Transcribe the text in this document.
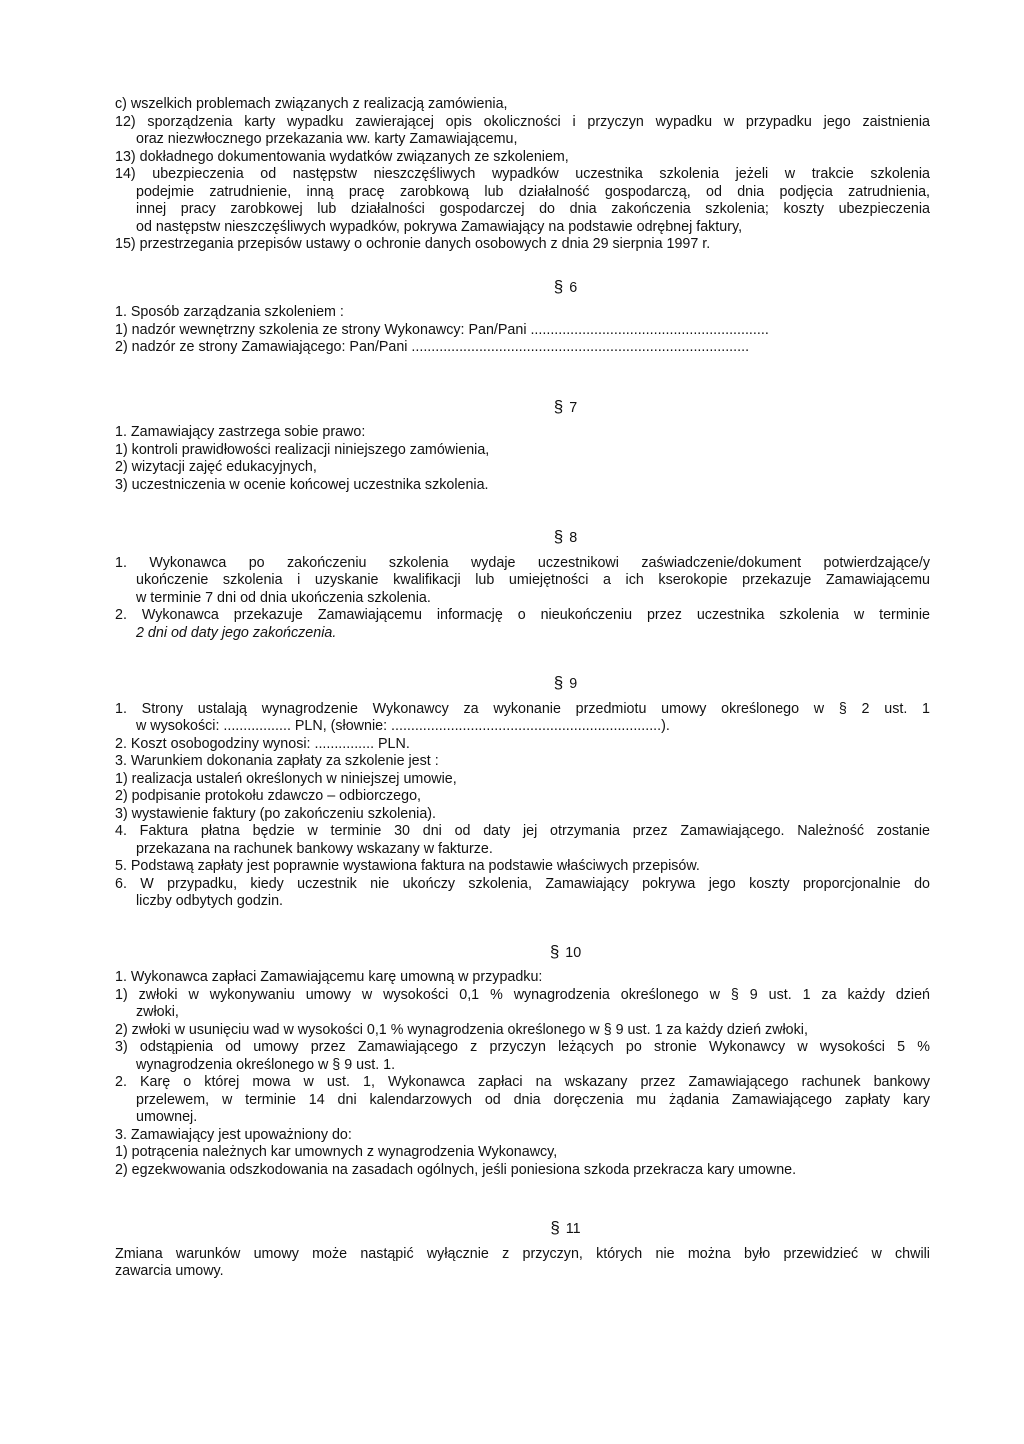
c) wszelkich problemach związanych z realizacją zamówienia,
12) sporządzenia karty wypadku zawierającej opis okoliczności i przyczyn wypadku w przypadku jego zaistnienia
oraz niezwłocznego przekazania ww. karty Zamawiającemu,
13) dokładnego dokumentowania wydatków związanych ze szkoleniem,
14) ubezpieczenia od następstw nieszczęśliwych wypadków uczestnika szkolenia jeżeli w trakcie szkolenia
podejmie zatrudnienie, inną pracę zarobkową lub działalność gospodarczą, od dnia podjęcia zatrudnienia,
innej pracy zarobkowej lub działalności gospodarczej do dnia zakończenia szkolenia; koszty ubezpieczenia
od następstw nieszczęśliwych wypadków, pokrywa Zamawiający na podstawie odrębnej faktury,
15) przestrzegania przepisów ustawy o ochronie danych osobowych z dnia 29 sierpnia 1997 r.
§ 6
1. Sposób zarządzania szkoleniem :
1) nadzór wewnętrzny szkolenia ze strony Wykonawcy: Pan/Pani ............................................................
2) nadzór ze strony Zamawiającego: Pan/Pani .....................................................................................
§ 7
1. Zamawiający zastrzega sobie prawo:
1) kontroli prawidłowości realizacji niniejszego zamówienia,
2) wizytacji zajęć edukacyjnych,
3) uczestniczenia w ocenie końcowej uczestnika szkolenia.
§ 8
1. Wykonawca po zakończeniu szkolenia wydaje uczestnikowi zaświadczenie/dokument potwierdzające/y
ukończenie szkolenia i uzyskanie kwalifikacji lub umiejętności a ich kserokopie przekazuje Zamawiającemu
w terminie 7 dni od dnia ukończenia szkolenia.
2. Wykonawca przekazuje Zamawiającemu informację o nieukończeniu przez uczestnika szkolenia w terminie
2 dni od daty jego zakończenia.
§ 9
1. Strony ustalają wynagrodzenie Wykonawcy za wykonanie przedmiotu umowy określonego w § 2 ust. 1
w wysokości: ................. PLN, (słownie: ....................................................................).
2. Koszt osobogodziny wynosi: ............... PLN.
3. Warunkiem dokonania zapłaty za szkolenie jest :
1) realizacja ustaleń określonych w niniejszej umowie,
2) podpisanie protokołu zdawczo – odbiorczego,
3) wystawienie faktury (po zakończeniu szkolenia).
4. Faktura płatna będzie w terminie 30 dni od daty jej otrzymania przez Zamawiającego. Należność zostanie
przekazana na rachunek bankowy wskazany w fakturze.
5. Podstawą zapłaty jest poprawnie wystawiona faktura na podstawie właściwych przepisów.
6. W przypadku, kiedy uczestnik nie ukończy szkolenia, Zamawiający pokrywa jego koszty proporcjonalnie do
liczby odbytych godzin.
§ 10
1. Wykonawca zapłaci Zamawiającemu karę umowną w przypadku:
1) zwłoki w wykonywaniu umowy w wysokości 0,1 % wynagrodzenia określonego w § 9 ust. 1 za każdy dzień
zwłoki,
2) zwłoki w usunięciu wad w wysokości 0,1 % wynagrodzenia określonego w § 9 ust. 1 za każdy dzień zwłoki,
3) odstąpienia od umowy przez Zamawiającego z przyczyn leżących po stronie Wykonawcy w wysokości 5 %
wynagrodzenia określonego w § 9 ust. 1.
2. Karę o której mowa w ust. 1, Wykonawca zapłaci na wskazany przez Zamawiającego rachunek bankowy
przelewem, w terminie 14 dni kalendarzowych od dnia doręczenia mu żądania Zamawiającego zapłaty kary
umownej.
3. Zamawiający jest upoważniony do:
1) potrącenia należnych kar umownych z wynagrodzenia Wykonawcy,
2) egzekwowania odszkodowania na zasadach ogólnych, jeśli poniesiona szkoda przekracza kary umowne.
§ 11
Zmiana warunków umowy może nastąpić wyłącznie z przyczyn, których nie można było przewidzieć w chwili
zawarcia umowy.
